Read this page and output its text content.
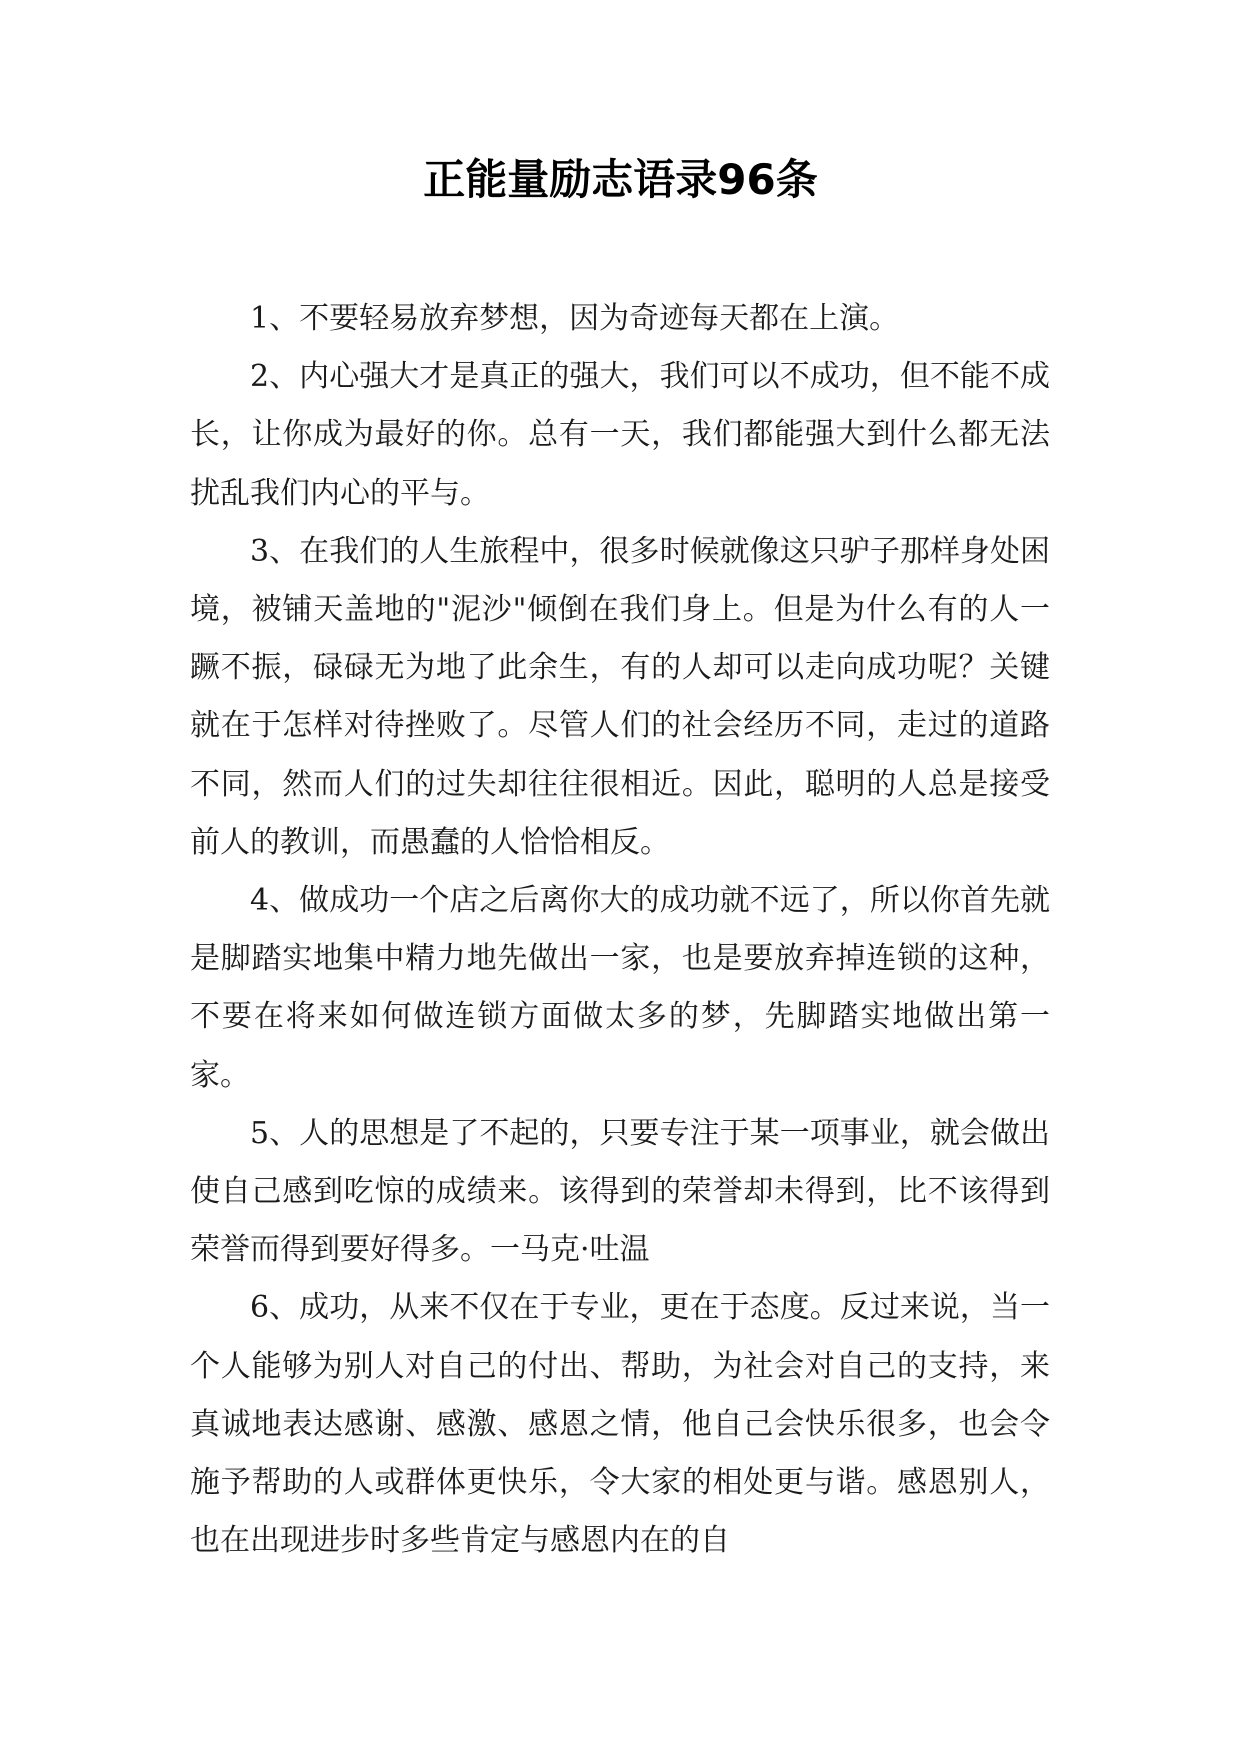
正能量励志语录96条

1、不要轻易放弃梦想，因为奇迹每天都在上演。

2、内心强大才是真正的强大，我们可以不成功，但不能不成长，让你成为最好的你。总有一天，我们都能强大到什么都无法扰乱我们内心的平与。

3、在我们的人生旅程中，很多时候就像这只驴子那样身处困境，被铺天盖地的"泥沙"倾倒在我们身上。但是为什么有的人一蹶不振，碌碌无为地了此余生，有的人却可以走向成功呢？关键就在于怎样对待挫败了。尽管人们的社会经历不同，走过的道路不同，然而人们的过失却往往很相近。因此，聪明的人总是接受前人的教训，而愚蠢的人恰恰相反。

4、做成功一个店之后离你大的成功就不远了，所以你首先就是脚踏实地集中精力地先做出一家，也是要放弃掉连锁的这种，不要在将来如何做连锁方面做太多的梦，先脚踏实地做出第一家。

5、人的思想是了不起的，只要专注于某一项事业，就会做出使自己感到吃惊的成绩来。该得到的荣誉却未得到，比不该得到荣誉而得到要好得多。一马克·吐温

6、成功，从来不仅在于专业，更在于态度。反过来说，当一个人能够为别人对自己的付出、帮助，为社会对自己的支持，来真诚地表达感谢、感激、感恩之情，他自己会快乐很多，也会令施予帮助的人或群体更快乐，令大家的相处更与谐。感恩别人，也在出现进步时多些肯定与感恩内在的自
